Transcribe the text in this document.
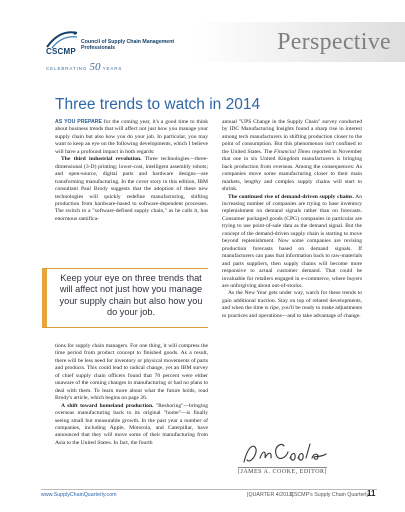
CSCMP
Council of Supply Chain Management Professionals
CELEBRATING 50 YEARS
Perspective
Three trends to watch in 2014

AS YOU PREPARE for the coming year, it's a good time to think about business trends that will affect not just how you manage your supply chain but also how you do your job. In particular, you may want to keep an eye on the following developments, which I believe will have a profound impact in both regards:

The third industrial revolution. Three technologies—three-dimensional (3-D) printing; lower-cost, intelligent assembly robots; and open-source, digital parts and hardware designs—are transforming manufacturing. In the cover story in this edition, IBM consultant Paul Brody suggests that the adoption of these new technologies will quickly redefine manufacturing, shifting production from hardware-based to software-dependent processes. The switch to a "software-defined supply chain," as he calls it, has enormous ramifica-

Keep your eye on three trends that will affect not just how you manage your supply chain but also how you do your job.

tions for supply chain managers. For one thing, it will compress the time period from product concept to finished goods. As a result, there will be less need for inventory or physical movements of parts and products. This could lead to radical change, yet an IBM survey of chief supply chain officers found that 70 percent were either unaware of the coming changes in manufacturing or had no plans to deal with them. To learn more about what the future holds, read Brody's article, which begins on page 26.

A shift toward homeland production. "Reshoring"—bringing overseas manufacturing back to its original "home"—is finally seeing small but measurable growth. In the past year a number of companies, including Apple, Motorola, and Caterpillar, have announced that they will move some of their manufacturing from Asia to the United States. In fact, the fourth

annual "UPS Change in the Supply Chain" survey conducted by IDC Manufacturing Insights found a sharp rise in interest among tech manufacturers in shifting production closer to the point of consumption. But this phenomenon isn't confined to the United States. The Financial Times reported in November that one in six United Kingdom manufacturers is bringing back production from overseas. Among the consequences: As companies move some manufacturing closer to their main markets, lengthy and complex supply chains will start to shrink.

The continued rise of demand-driven supply chains. An increasing number of companies are trying to base inventory replenishment on demand signals rather than on forecasts. Consumer packaged goods (CPG) companies in particular are trying to use point-of-sale data as the demand signal. But the concept of the demand-driven supply chain is starting to move beyond replenishment. Now some companies are revising production forecasts based on demand signals. If manufacturers can pass that information back to raw-materials and parts suppliers, then supply chains will become more responsive to actual customer demand. That could be invaluable for retailers engaged in e-commerce, where buyers are unforgiving about out-of-stocks.

As the New Year gets under way, watch for these trends to gain additional traction. Stay on top of related developments, and when the time is ripe, you'll be ready to make adjustments to practices and operations—and to take advantage of change.

[JAMES A. COOKE, EDITOR]

www.SupplyChainQuarterly.com	[QUARTER 4/2013]
CSCMP's Supply Chain Quarterly
11
